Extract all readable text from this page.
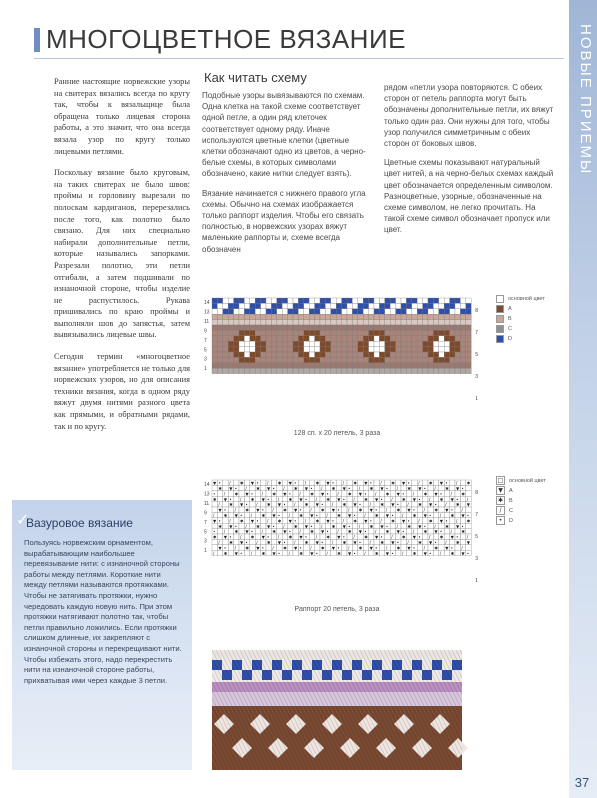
НОВЫЕ ПРИЕМЫ
37
МНОГОЦВЕТНОЕ ВЯЗАНИЕ

Ранние настоящие норвежские узоры на свитерах вязались всегда по кругу так, чтобы к вязальщице была обращена только лицевая сторона работы, а это значит, что она всегда вязала узор по кругу только лицевыми петлями.

Поскольку вязание было круговым, на таких свитерах не было швов: проймы и горловину вырезали по полоскам кардиганов, перерезались после того, как полотно было связано. Для них специально набирали дополнительные петли, которые назывались запорками. Разрезали полотно, эти петли отгибали, а затем подшивали по изнаночной стороне, чтобы изделие не распустилось. Рукава пришивались по краю проймы и выполняли шов до запястья, затем вывязывались лицевые швы.

Сегодня термин «многоцветное вязание» употребляется не только для норвежских узоров, но для описания техники вязания, когда в одном ряду вяжут двумя нитями разного цвета как прямыми, и обратными рядами, так и по кругу.

Как читать схему

Подобные узоры вывязываются по схемам. Одна клетка на такой схеме соответствует одной петле, а один ряд клеточек соответствует одному ряду. Иначе используются цветные клетки (цветные клетки обозначают одно из цветов, а черно-белые схемы, в которых символами обозначено, какие нитки следует взять).

Вязание начинается с нижнего правого угла схемы. Обычно на схемах изображается только раппорт изделия. Чтобы его связать полностью, в норвежских узорах вяжут маленькие раппорты и, схеме всегда обозначен

рядом «петли узора повторяются. С обеих сторон от петель раппорта могут быть обозначены дополнительные петли, их вяжут только один раз. Они нужны для того, чтобы узор получился симметричным с обеих сторон от боковых швов.

Цветные схемы показывают натуральный цвет нитей, а на черно-белых схемах каждый цвет обозначается определенным символом. Разноцветные, узорные, обозначенные на схеме символом, не легко прочитать. На такой схеме символ обозначает пропуск или цвет.

14
13
11
9
7
5
3
1
8
7
5
3
1
128 сп. х 20 петель, 3 раза
основной цвет
А
В
С
D
▼ • / ✱ ▼ • / ✱ ▼ • / ✱ ▼ • / ✱ ▼ • / ✱ ▼ • / ✱ ▼ • / ✱
✱ ▼ • / ✱ ▼ • / ✱ ▼ • / ✱ ▼ • / ✱ ▼ • / ✱ ▼ • / ✱ ▼ •
• / ✱ ▼ • / ✱ ▼ • / ✱ ▼ • / ✱ ▼ • / ✱ ▼ • / ✱ ▼ • / ✱
✱ ▼ • / ✱ ▼ • / ✱ ▼ • / ✱ ▼ • / ✱ ▼ • / ✱ ▼ • / ✱ ▼ • /
/ ✱ ▼ • / ✱ ▼ • / ✱ ▼ • / ✱ ▼ • / ✱ ▼ • / ✱ ▼ • / ✱ ▼
▼ • / ✱ ▼ • / ✱ ▼ • / ✱ ▼ • / ✱ ▼ • / ✱ ▼ • / ✱ ▼ • /
/ ✱ ▼ • / ✱ ▼ • / ✱ ▼ • / ✱ ▼ • / ✱ ▼ • / ✱ ▼ • / ✱ ▼ •
▼ • / ✱ ▼ • / ✱ ▼ • / ✱ ▼ • / ✱ ▼ • / ✱ ▼ • / ✱ ▼ • / ✱
✱ ▼ • / ✱ ▼ • / ✱ ▼ • / ✱ ▼ • / ✱ ▼ • / ✱ ▼ • / ✱ ▼ •
• / ✱ ▼ • / ✱ ▼ • / ✱ ▼ • / ✱ ▼ • / ✱ ▼ • / ✱ ▼ • / ✱
✱ ▼ • / ✱ ▼ • / ✱ ▼ • / ✱ ▼ • / ✱ ▼ • / ✱ ▼ • / ✱ ▼ • /
/ ✱ ▼ • / ✱ ▼ • / ✱ ▼ • / ✱ ▼ • / ✱ ▼ • / ✱ ▼ • / ✱ ▼
▼ • / ✱ ▼ • / ✱ ▼ • / ✱ ▼ • / ✱ ▼ • / ✱ ▼ • / ✱ ▼ • /
/ ✱ ▼ • / ✱ ▼ • / ✱ ▼ • / ✱ ▼ • / ✱ ▼ • / ✱ ▼ • / ✱ ▼ •
14
13
11
9
7
5
3
1
8
7
5
3
1
Раппорт 20 петель, 3 раза
□	основной цвет
▼	А
✱	В
/	С
•	D
✓
Вазуровое вязание
Пользуясь норвежским орнаментом, вырабатывающим наибольшее перевязывание нити: с изнаночной стороны работы между петлями. Короткие нити между петлями называются протяжками. Чтобы не затягивать протяжки, нужно чередовать каждую новую нить. При этом протяжки натягивают полотно так, чтобы петли правильно ложились. Если протяжки слишком длинные, их закрепляют с изнаночной стороны и перекрещивают нити. Чтобы избежать этого, надо перекрестить нити на изнаночной стороне работы, прихватывая ими через каждые 3 петли.
